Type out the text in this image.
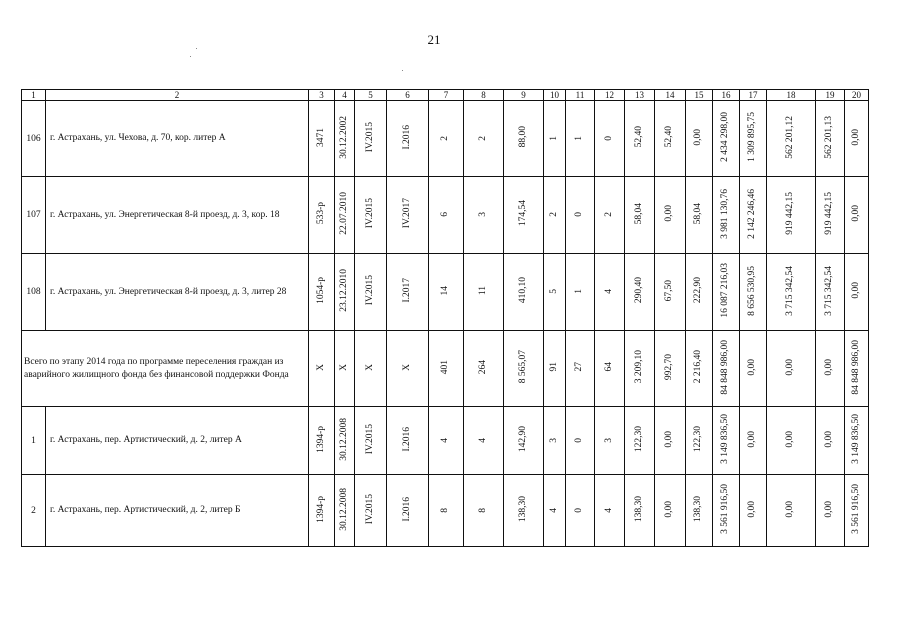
21
1	2	3	4	5	6	7	8	9	10	11	12	13	14	15	16	17	18	19	20
106	г. Астрахань, ул. Чехова, д. 70, кор. литер А	3471	30.12.2002	IV.2015	I.2016	2	2	88,00	1	1	0	52,40	52,40	0,00	2 434 298,00	1 309 895,75	562 201,12	562 201,13	0,00
107	г. Астрахань, ул. Энергетическая 8-й проезд, д. 3, кор. 18	533-р	22.07.2010	IV.2015	IV.2017	6	3	174,54	2	0	2	58,04	0,00	58,04	3 981 130,76	2 142 246,46	919 442,15	919 442,15	0,00
108	г. Астрахань, ул. Энергетическая 8-й проезд, д. 3, литер 28	1054-р	23.12.2010	IV.2015	I.2017	14	11	410,10	5	1	4	290,40	67,50	222,90	16 087 216,03	8 656 530,95	3 715 342,54	3 715 342,54	0,00
Всего по этапу 2014 года по программе переселения граждан из аварийного жилищного фонда без финансовой поддержки Фонда		X	X	X	X	401	264	8 565,07	91	27	64	3 209,10	992,70	2 216,40	84 848 986,00	0,00	0,00	0,00	84 848 986,00
1	г. Астрахань, пер. Артистический, д. 2, литер А	1394-р	30.12.2008	IV.2015	I.2016	4	4	142,90	3	0	3	122,30	0,00	122,30	3 149 836,50	0,00	0,00	0,00	3 149 836,50
2	г. Астрахань, пер. Артистический, д. 2, литер Б	1394-р	30.12.2008	IV.2015	I.2016	8	8	138,30	4	0	4	138,30	0,00	138,30	3 561 916,50	0,00	0,00	0,00	3 561 916,50
